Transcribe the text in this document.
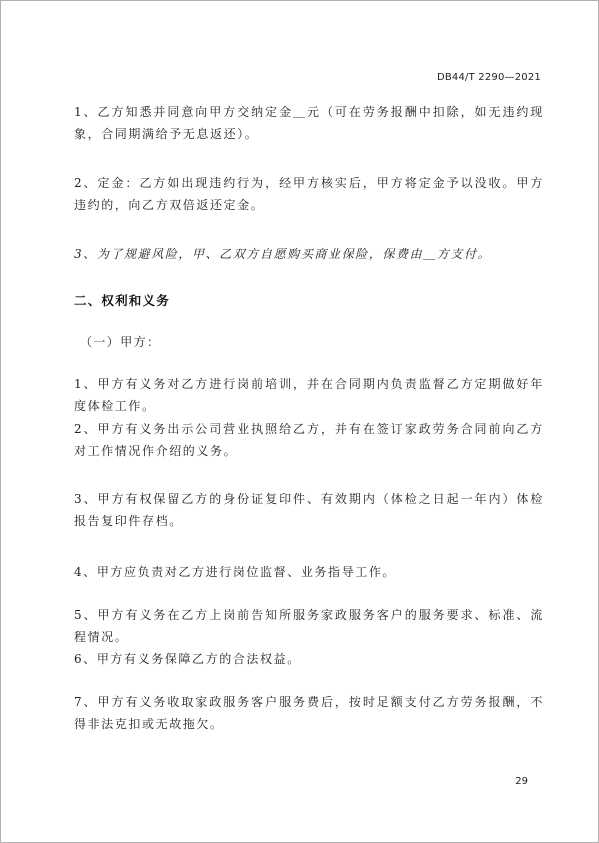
DB44/T 2290—2021

1、乙方知悉并同意向甲方交纳定金＿元（可在劳务报酬中扣除，如无违约现象，合同期满给予无息返还）。

2、定金：乙方如出现违约行为，经甲方核实后，甲方将定金予以没收。甲方违约的，向乙方双倍返还定金。

3、为了规避风险，甲、乙双方自愿购买商业保险，保费由＿方支付。

二、权利和义务

（一）甲方：

1、甲方有义务对乙方进行岗前培训，并在合同期内负责监督乙方定期做好年度体检工作。

2、甲方有义务出示公司营业执照给乙方，并有在签订家政劳务合同前向乙方对工作情况作介绍的义务。

3、甲方有权保留乙方的身份证复印件、有效期内（体检之日起一年内）体检报告复印件存档。

4、甲方应负责对乙方进行岗位监督、业务指导工作。

5、甲方有义务在乙方上岗前告知所服务家政服务客户的服务要求、标准、流程情况。

6、甲方有义务保障乙方的合法权益。

7、甲方有义务收取家政服务客户服务费后，按时足额支付乙方劳务报酬，不得非法克扣或无故拖欠。

29
